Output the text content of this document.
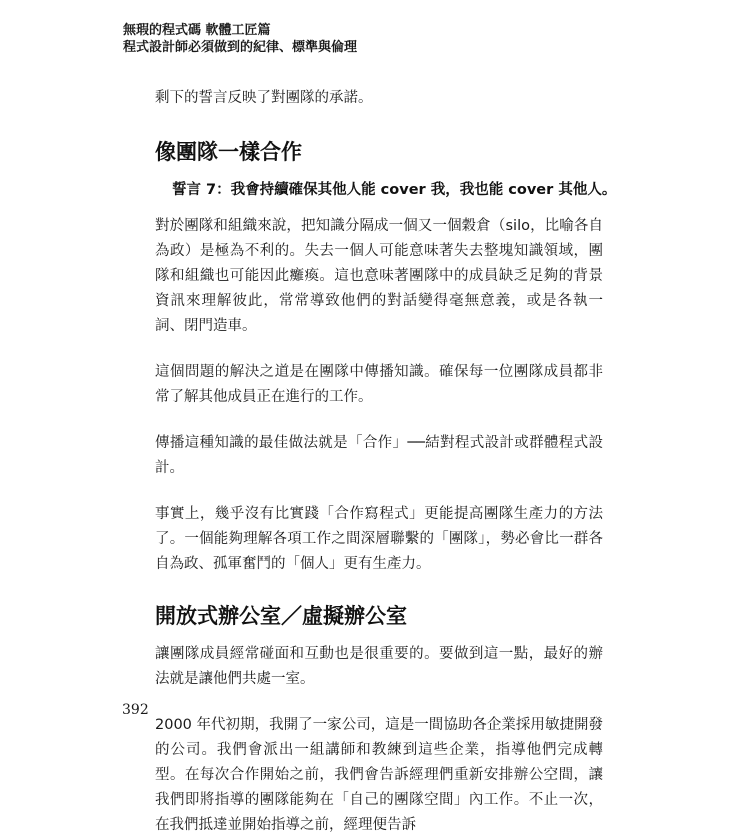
無瑕的程式碼 軟體工匠篇
程式設計師必須做到的紀律、標準與倫理

剩下的誓言反映了對團隊的承諾。

像團隊一樣合作

誓言 7：我會持續確保其他人能 cover 我，我也能 cover 其他人。

對於團隊和組織來說，把知識分隔成一個又一個穀倉（silo，比喻各自為政）是極為不利的。失去一個人可能意味著失去整塊知識領域，團隊和組織也可能因此癱瘓。這也意味著團隊中的成員缺乏足夠的背景資訊來理解彼此，常常導致他們的對話變得毫無意義，或是各執一詞、閉門造車。

這個問題的解決之道是在團隊中傳播知識。確保每一位團隊成員都非常了解其他成員正在進行的工作。

傳播這種知識的最佳做法就是「合作」──結對程式設計或群體程式設計。

事實上，幾乎沒有比實踐「合作寫程式」更能提高團隊生產力的方法了。一個能夠理解各項工作之間深層聯繫的「團隊」，勢必會比一群各自為政、孤軍奮鬥的「個人」更有生產力。

開放式辦公室／虛擬辦公室

讓團隊成員經常碰面和互動也是很重要的。要做到這一點，最好的辦法就是讓他們共處一室。

2000 年代初期，我開了一家公司，這是一間協助各企業採用敏捷開發的公司。我們會派出一組講師和教練到這些企業，指導他們完成轉型。在每次合作開始之前，我們會告訴經理們重新安排辦公空間，讓我們即將指導的團隊能夠在「自己的團隊空間」內工作。不止一次，在我們抵達並開始指導之前，經理便告訴

392
